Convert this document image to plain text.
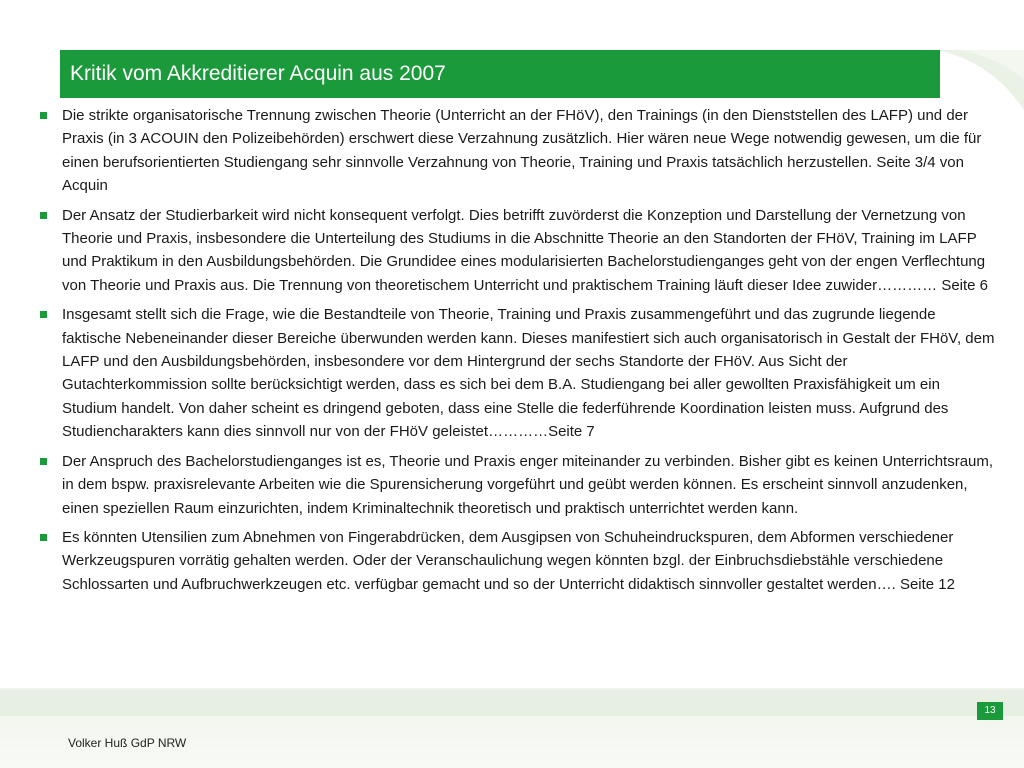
Kritik vom Akkreditierer Acquin aus 2007
Die strikte organisatorische Trennung zwischen Theorie (Unterricht an der FHöV), den Trainings (in den Dienststellen des LAFP) und der Praxis (in 3 ACOUIN den Polizeibehörden) erschwert diese Verzahnung zusätzlich. Hier wären neue Wege notwendig gewesen, um die für einen berufsorientierten Studiengang sehr sinnvolle Verzahnung von Theorie, Training und Praxis tatsächlich herzustellen. Seite 3/4 von Acquin
Der Ansatz der Studierbarkeit wird nicht konsequent verfolgt. Dies betrifft zuvörderst die Konzeption und Darstellung der Vernetzung von Theorie und Praxis, insbesondere die Unterteilung des Studiums in die Abschnitte Theorie an den Standorten der FHöV, Training im LAFP und Praktikum in den Ausbildungsbehörden. Die Grundidee eines modularisierten Bachelorstudienganges geht von der engen Verflechtung von Theorie und Praxis aus. Die Trennung von theoretischem Unterricht und praktischem Training läuft dieser Idee zuwider………… Seite 6
Insgesamt stellt sich die Frage, wie die Bestandteile von Theorie, Training und Praxis zusammengeführt und das zugrunde liegende faktische Nebeneinander dieser Bereiche überwunden werden kann. Dieses manifestiert sich auch organisatorisch in Gestalt der FHöV, dem LAFP und den Ausbildungsbehörden, insbesondere vor dem Hintergrund der sechs Standorte der FHöV. Aus Sicht der Gutachterkommission sollte berücksichtigt werden, dass es sich bei dem B.A. Studiengang bei aller gewollten Praxisfähigkeit um ein Studium handelt. Von daher scheint es dringend geboten, dass eine Stelle die federführende Koordination leisten muss. Aufgrund des Studiencharakters kann dies sinnvoll nur von der FHöV geleistet…………Seite 7
Der Anspruch des Bachelorstudienganges ist es, Theorie und Praxis enger miteinander zu verbinden. Bisher gibt es keinen Unterrichtsraum, in dem bspw. praxisrelevante Arbeiten wie die Spurensicherung vorgeführt und geübt werden können. Es erscheint sinnvoll anzudenken, einen speziellen Raum einzurichten, indem Kriminaltechnik theoretisch und praktisch unterrichtet werden kann.
Es könnten Utensilien zum Abnehmen von Fingerabdrücken, dem Ausgipsen von Schuheindruckspuren, dem Abformen verschiedener Werkzeugspuren vorrätig gehalten werden. Oder der Veranschaulichung wegen könnten bzgl. der Einbruchsdiebstähle verschiedene Schlossarten und Aufbruchwerkzeugen etc. verfügbar gemacht und so der Unterricht didaktisch sinnvoller gestaltet werden…. Seite 12
13
Volker Huß GdP NRW
